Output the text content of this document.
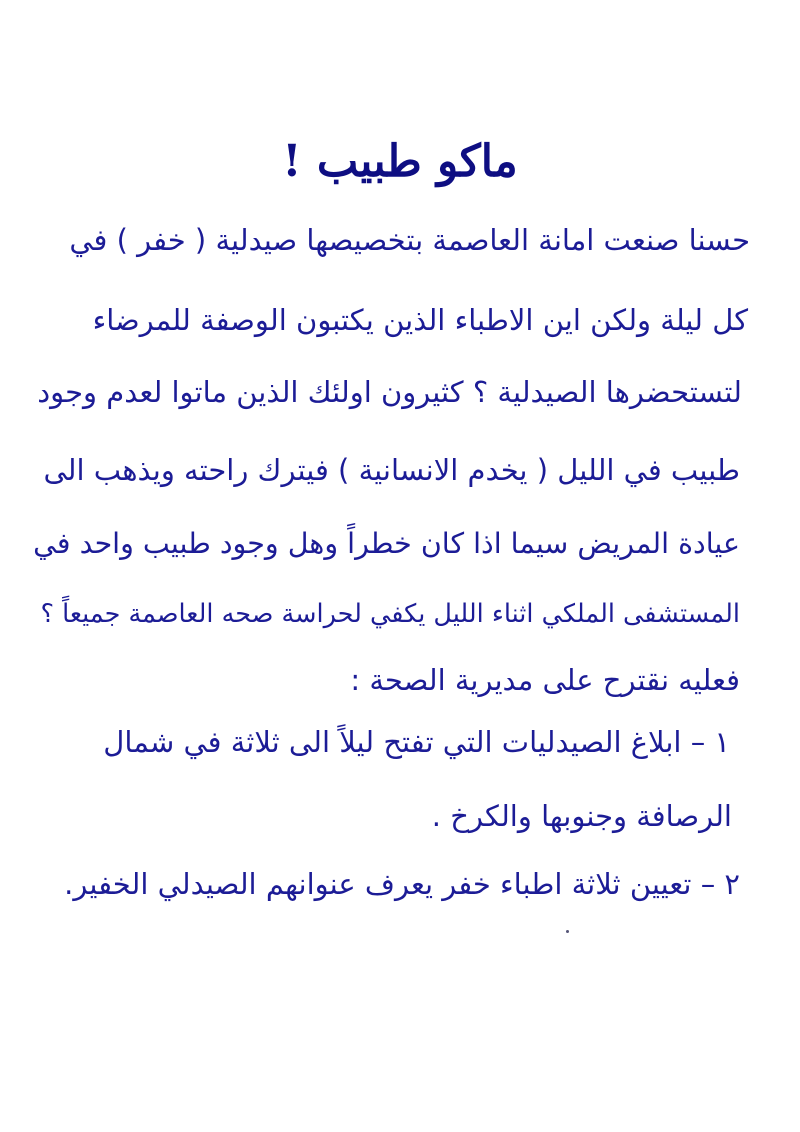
ماكو طبيب !
حسنا صنعت امانة العاصمة بتخصيصها صيدلية ( خفر ) في
كل ليلة ولكن اين الاطباء الذين يكتبون الوصفة للمرضاء
لتستحضرها الصيدلية ؟ كثيرون اولئك الذين ماتوا لعدم وجود
طبيب في الليل ( يخدم الانسانية ) فيترك راحته ويذهب الى
عيادة المريض سيما اذا كان خطراً وهل وجود طبيب واحد في
المستشفى الملكي اثناء الليل يكفي لحراسة صحه العاصمة جميعاً ؟
فعليه نقترح على مديرية الصحة :
١ – ابلاغ الصيدليات التي تفتح ليلاً الى ثلاثة في شمال
الرصافة وجنوبها والكرخ .
٢ – تعيين ثلاثة اطباء خفر يعرف عنوانهم الصيدلي الخفير.
